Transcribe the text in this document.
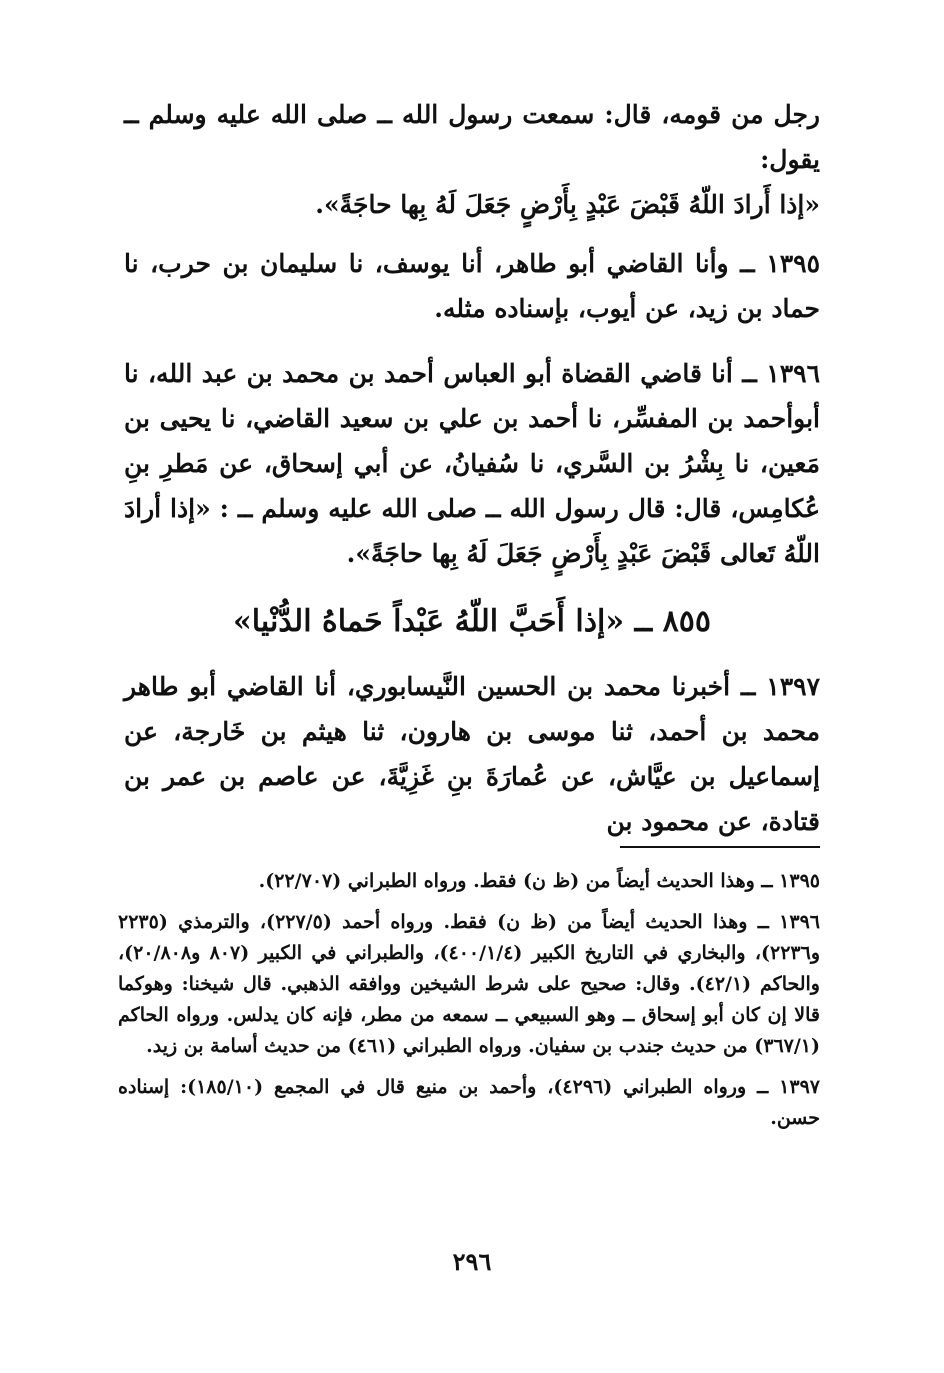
رجل من قومه، قال: سمعت رسول الله ــ صلى الله عليه وسلم ــ يقول:
«إذا أَرادَ اللّهُ قَبْضَ عَبْدٍ بِأَرْضٍ جَعَلَ لَهُ بِها حاجَةً».

١٣٩٥ ــ وأنا القاضي أبو طاهر، أنا يوسف، نا سليمان بن حرب، نا حماد بن زيد، عن أيوب، بإسناده مثله.

١٣٩٦ ــ أنا قاضي القضاة أبو العباس أحمد بن محمد بن عبد الله، نا أبوأحمد بن المفسِّر، نا أحمد بن علي بن سعيد القاضي، نا يحيى بن مَعين، نا بِشْرُ بن السَّري، نا سُفيانُ، عن أبي إسحاق، عن مَطرِ بنِ عُكامِس، قال: قال رسول الله ــ صلى الله عليه وسلم ــ : «إذا أرادَ اللّهُ تَعالى قَبْضَ عَبْدٍ بِأَرْضٍ جَعَلَ لَهُ بِها حاجَةً».

٨٥٥ ــ «إذا أَحَبَّ اللّهُ عَبْداً حَماهُ الدُّنْيا»

١٣٩٧ ــ أخبرنا محمد بن الحسين النَّيسابوري، أنا القاضي أبو طاهر محمد بن أحمد، ثنا موسى بن هارون، ثنا هيثم بن خَارجة، عن إسماعيل بن عيَّاش، عن عُمارَةَ بنِ غَزِيَّةَ، عن عاصم بن عمر بن قتادة، عن محمود بن

١٣٩٥ ــ وهذا الحديث أيضاً من (ظ ن) فقط. ورواه الطبراني (٢٢/٧٠٧).

١٣٩٦ ــ وهذا الحديث أيضاً من (ظ ن) فقط. ورواه أحمد (٢٢٧/٥)، والترمذي (٢٢٣٥ و٢٢٣٦)، والبخاري في التاريخ الكبير (٤٠٠/١/٤)، والطبراني في الكبير (٨٠٧ و٢٠/٨٠٨)، والحاكم (٤٢/١). وقال: صحيح على شرط الشيخين ووافقه الذهبي. قال شيخنا: وهوكما قالا إن كان أبو إسحاق ــ وهو السبيعي ــ سمعه من مطر، فإنه كان يدلس. ورواه الحاكم (٣٦٧/١) من حديث جندب بن سفيان. ورواه الطبراني (٤٦١) من حديث أسامة بن زيد.

١٣٩٧ ــ ورواه الطبراني (٤٢٩٦)، وأحمد بن منيع قال في المجمع (١٨٥/١٠): إسناده حسن.

٢٩٦
